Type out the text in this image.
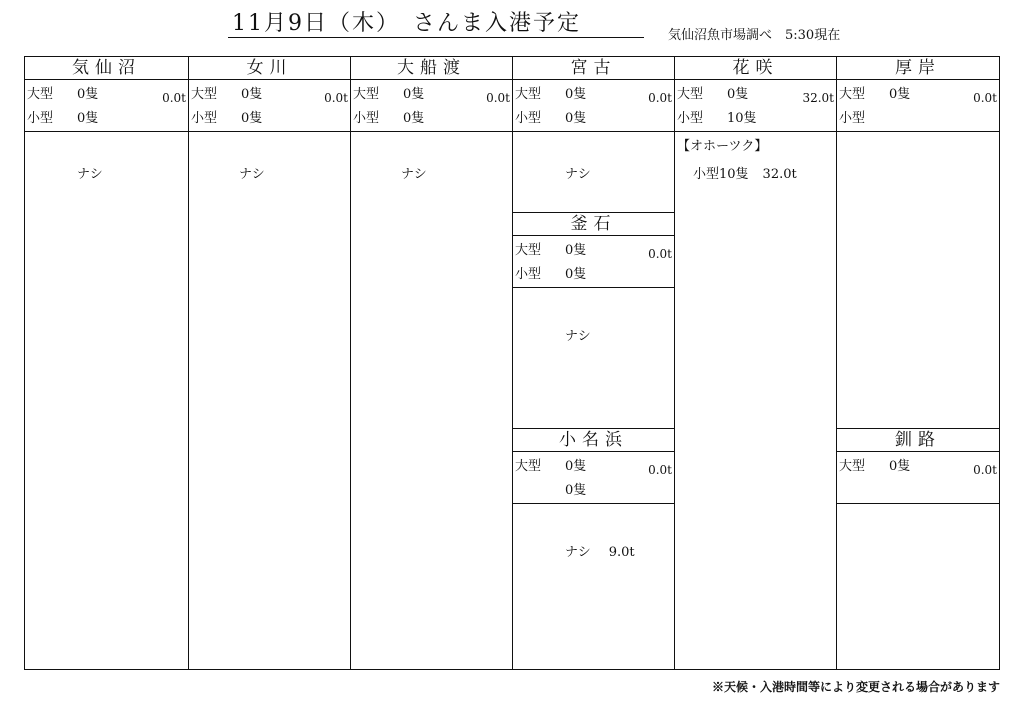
11月9日（木）　さんま入港予定	気仙沼魚市場調べ　5:30現在
気仙沼
大型 0隻
小型 0隻
0.0t
ナシ
女川
大型 0隻
小型 0隻
0.0t
ナシ
大船渡
大型 0隻
小型 0隻
0.0t
ナシ
宮古
大型 0隻
小型 0隻
0.0t
ナシ
釜石
大型 0隻
小型 0隻
0.0t
ナシ
小名浜
大型 0隻
0隻
0.0t
ナシ 9.0t
花咲
大型 0隻
小型 10隻
32.0t
【オホーツク】
小型10隻 32.0t
厚岸
大型 0隻
小型
0.0t
釧路
大型 0隻	0.0t
※天候・入港時間等により変更される場合があります
